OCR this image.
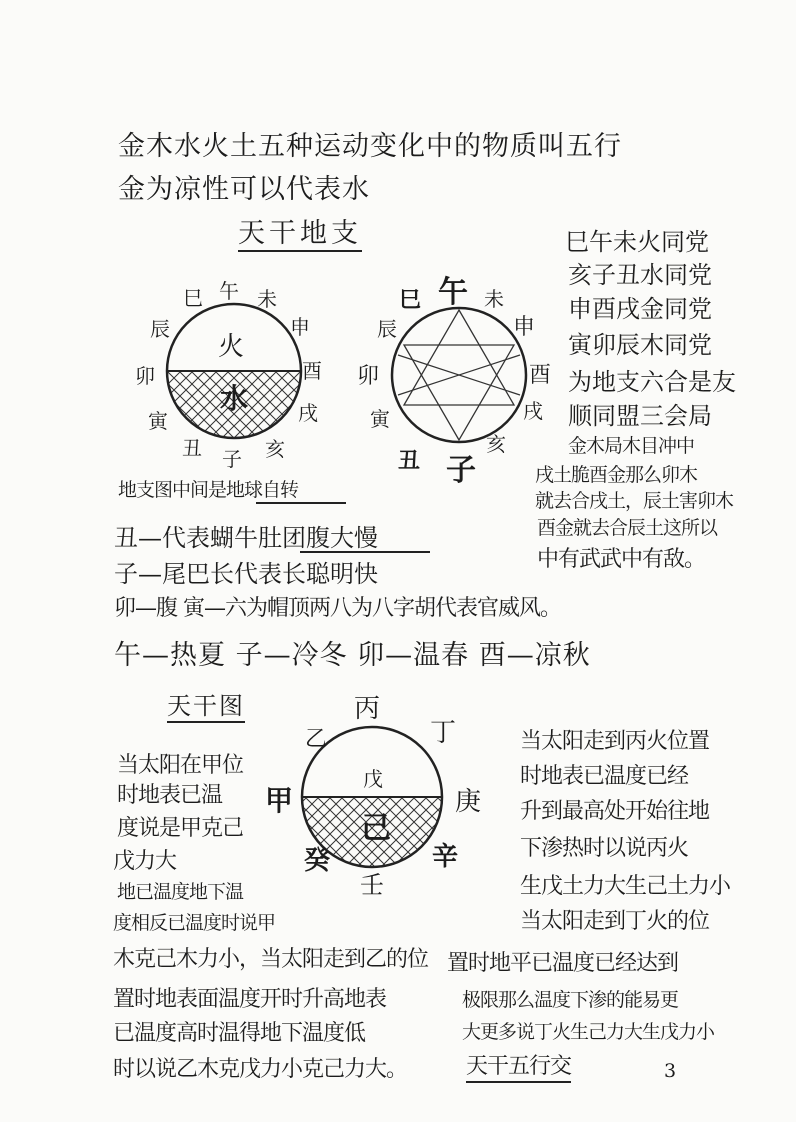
金木水火土五种运动变化中的物质叫五行
金为凉性可以代表水
天干地支
火
水
巳 午 未
辰	申
卯	酉
寅	戌
丑 子 亥
巳 午 未
辰	申
卯	酉
寅	戌
丑 子
亥
戊
己
丙
乙	丁
甲	庚
癸	辛
壬
地支图中间是地球自转
巳午未火同党
亥子丑水同党
申酉戌金同党
寅卯辰木同党
为地支六合是友
顺同盟三会局
金木局木目冲中
戌土脆酉金那么卯木
就去合戌土，辰土害卯木
酉金就去合辰土这所以
中有武武中有敌。
丑—代表蝴牛肚团腹大慢
子—尾巴长代表长聪明快
卯—腹 寅—六为帽顶两八为八字胡代表官威风。
午—热夏 子—冷冬 卯—温春 酉—凉秋
天干图
当太阳在甲位
时地表已温
度说是甲克己
戊力大
地已温度地下温
度相反已温度时说甲
木克己木力小，当太阳走到乙的位
置时地表面温度开时升高地表
已温度高时温得地下温度低
时以说乙木克戊力小克己力大。
当太阳走到丙火位置
时地表已温度已经
升到最高处开始往地
下渗热时以说丙火
生戊土力大生己土力小
当太阳走到丁火的位
置时地平已温度已经达到
极限那么温度下渗的能易更
大更多说丁火生己力大生戊力小
天干五行交	3
